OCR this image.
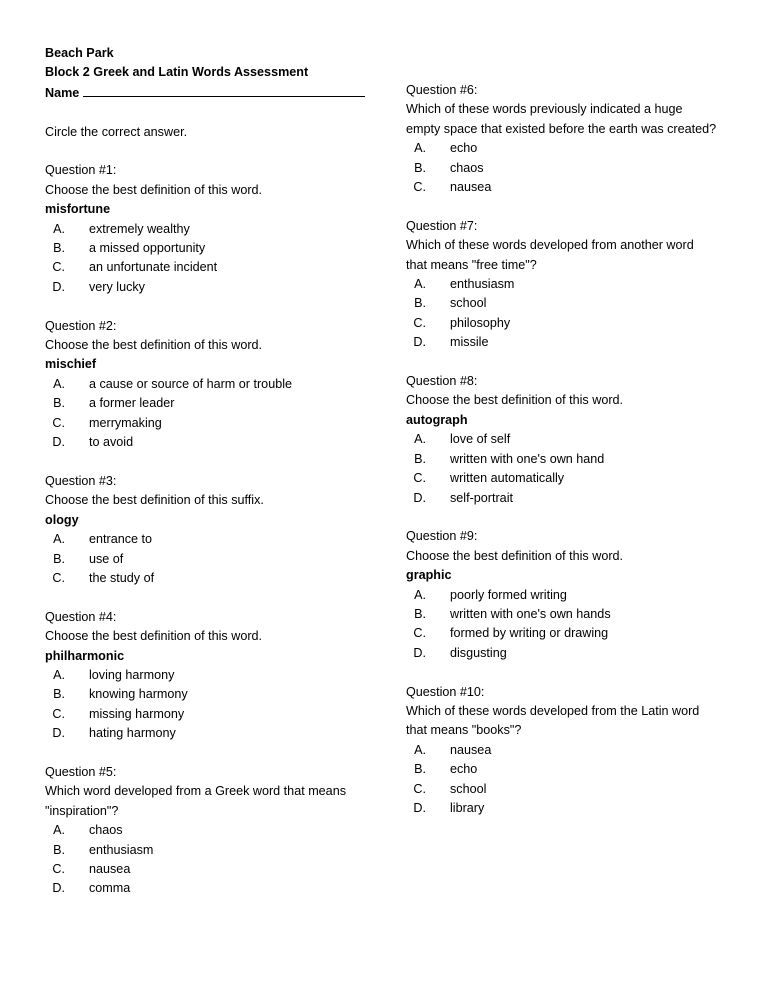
Beach Park
Block 2 Greek and Latin Words Assessment
Name
Circle the correct answer.
Question #1:
Choose the best definition of this word.
misfortune
A. extremely wealthy
B. a missed opportunity
C. an unfortunate incident
D. very lucky
Question #2:
Choose the best definition of this word.
mischief
A. a cause or source of harm or trouble
B. a former leader
C. merrymaking
D. to avoid
Question #3:
Choose the best definition of this suffix.
ology
A. entrance to
B. use of
C. the study of
Question #4:
Choose the best definition of this word.
philharmonic
A. loving harmony
B. knowing harmony
C. missing harmony
D. hating harmony
Question #5:
Which word developed from a Greek word that means
"inspiration"?
A. chaos
B. enthusiasm
C. nausea
D. comma
Question #6:
Which of these words previously indicated a huge
empty space that existed before the earth was created?
A. echo
B. chaos
C. nausea
Question #7:
Which of these words developed from another word
that means "free time"?
A. enthusiasm
B. school
C. philosophy
D. missile
Question #8:
Choose the best definition of this word.
autograph
A. love of self
B. written with one's own hand
C. written automatically
D. self-portrait
Question #9:
Choose the best definition of this word.
graphic
A. poorly formed writing
B. written with one's own hands
C. formed by writing or drawing
D. disgusting
Question #10:
Which of these words developed from the Latin word
that means "books"?
A. nausea
B. echo
C. school
D. library
